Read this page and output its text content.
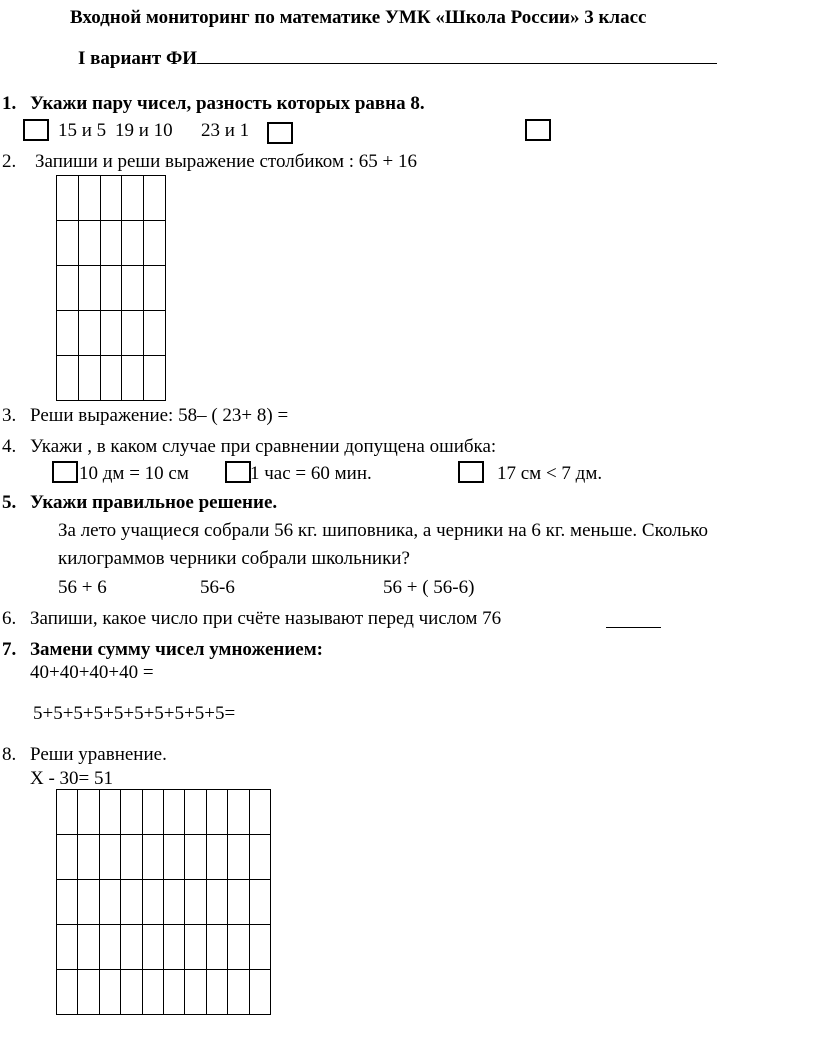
Входной мониторинг по математике УМК «Школа России» 3 класс
I вариант ФИ
1. Укажи пару чисел, разность которых равна 8.
15 и 5 19 и 10 23 и 1
2. Запиши и реши выражение столбиком : 65 + 16
3. Реши выражение: 58– ( 23+ 8) =
4. Укажи , в каком случае при сравнении допущена ошибка:
10 дм = 10 см	1 час = 60 мин.	17 см < 7 дм.
5. Укажи правильное решение.
За лето учащиеся собрали 56 кг. шиповника, а черники на 6 кг. меньше. Сколько
килограммов черники собрали школьники?
56 + 6	56-6	56 + ( 56-6)
6. Запиши, какое число при счёте называют перед числом 76
7. Замени сумму чисел умножением:
40+40+40+40 =
5+5+5+5+5+5+5+5+5+5=
8. Реши уравнение.
Х - 30= 51
